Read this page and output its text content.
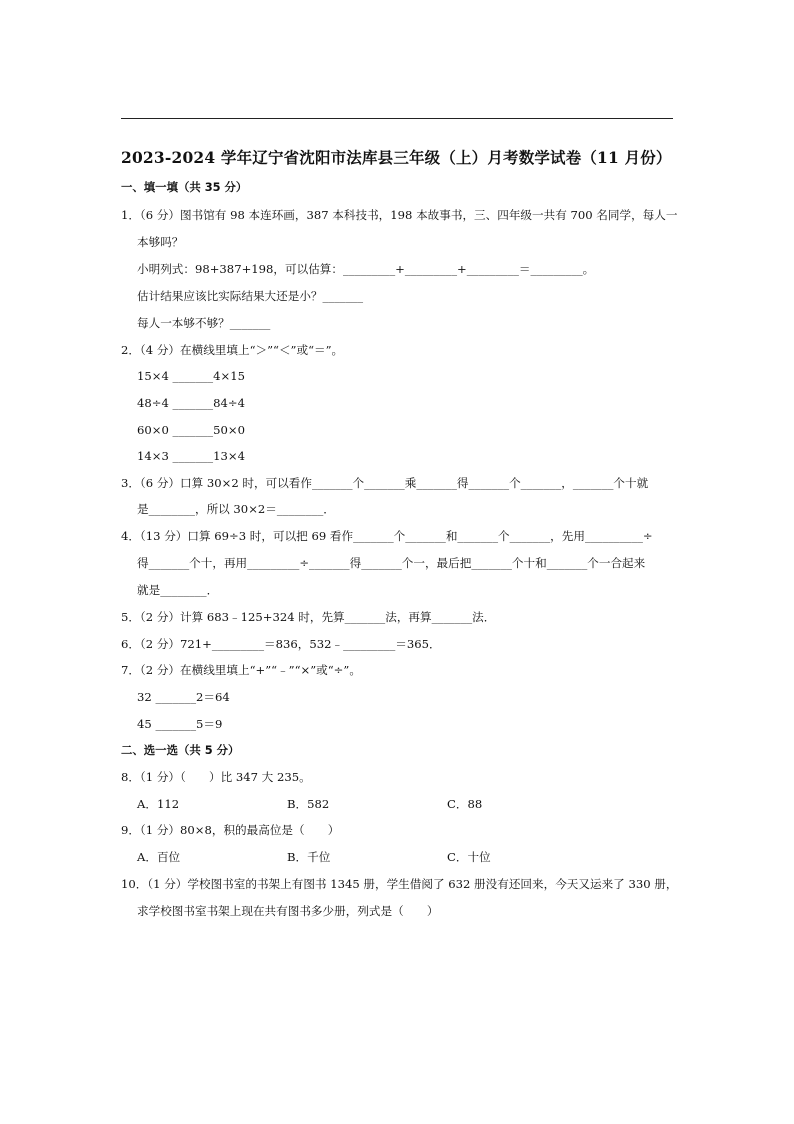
2023-2024 学年辽宁省沈阳市法库县三年级（上）月考数学试卷（11 月份）
一、填一填（共 35 分）
1．（6 分）图书馆有 98 本连环画，387 本科技书，198 本故事书，三、四年级一共有 700 名同学，每人一
本够吗？
小明列式：98+387+198，可以估算：_________+_________+_________＝_________。
估计结果应该比实际结果大还是小？_______
每人一本够不够？_______
2．（4 分）在横线里填上“＞”“＜”或“＝”。
15×4 _______4×15
48÷4 _______84÷4
60×0 _______50×0
14×3 _______13×4
3．（6 分）口算 30×2 时，可以看作_______个_______乘_______得_______个_______，_______个十就
是________，所以 30×2＝________．
4．（13 分）口算 69÷3 时，可以把 69 看作_______个_______和_______个_______，先用__________÷
得_______个十，再用_________÷_______得_______个一，最后把_______个十和_______个一合起来
就是________．
5．（2 分）计算 683﹣125+324 时，先算_______法，再算_______法．
6．（2 分）721+_________＝836，532﹣_________＝365．
7．（2 分）在横线里填上“+”“﹣”“×”或“÷”。
32 _______2＝64
45 _______5＝9
二、选一选（共 5 分）
8．（1 分）（　　）比 347 大 235。
A．112	B．582	C．88
9．（1 分）80×8，积的最高位是（　　）
A．百位	B．千位	C．十位
10．（1 分）学校图书室的书架上有图书 1345 册，学生借阅了 632 册没有还回来，今天又运来了 330 册，
求学校图书室书架上现在共有图书多少册，列式是（　　）
